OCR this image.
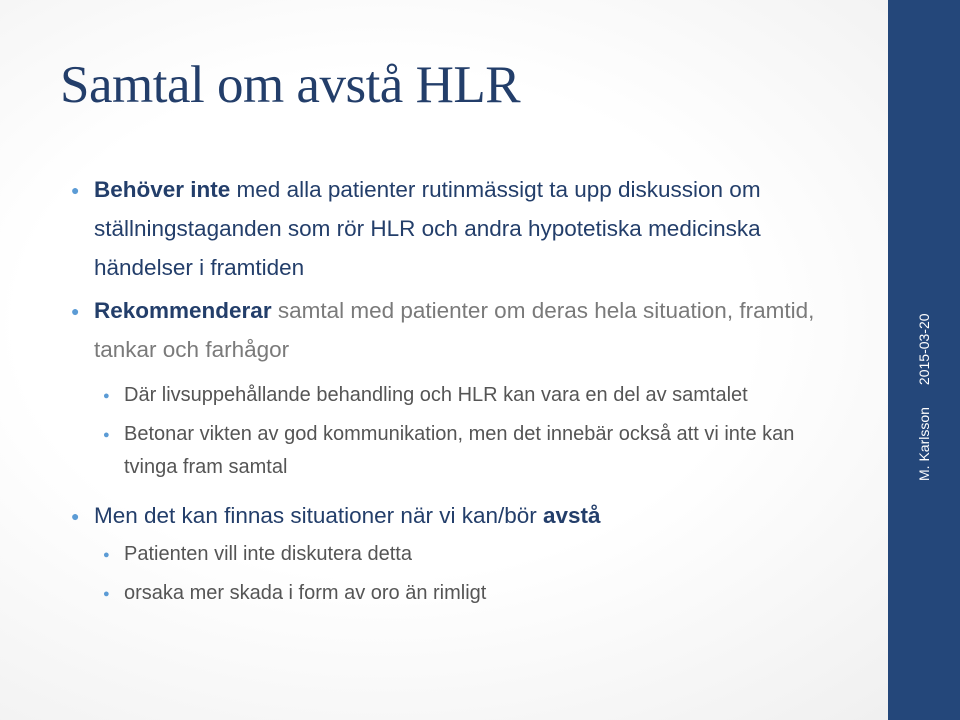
M. Karlsson
2015-03-20
Samtal om avstå HLR
● Behöver inte med alla patienter rutinmässigt ta upp diskussion om ställningstaganden som rör HLR och andra hypotetiska medicinska händelser i framtiden
● Rekommenderar samtal med patienter om deras hela situation, framtid, tankar och farhågor
● Där livsuppehållande behandling och HLR kan vara en del av samtalet
● Betonar vikten av god kommunikation, men det innebär också att vi inte kan tvinga fram samtal
● Men det kan finnas situationer när vi kan/bör avstå
● Patienten vill inte diskutera detta
● orsaka mer skada i form av oro än rimligt
